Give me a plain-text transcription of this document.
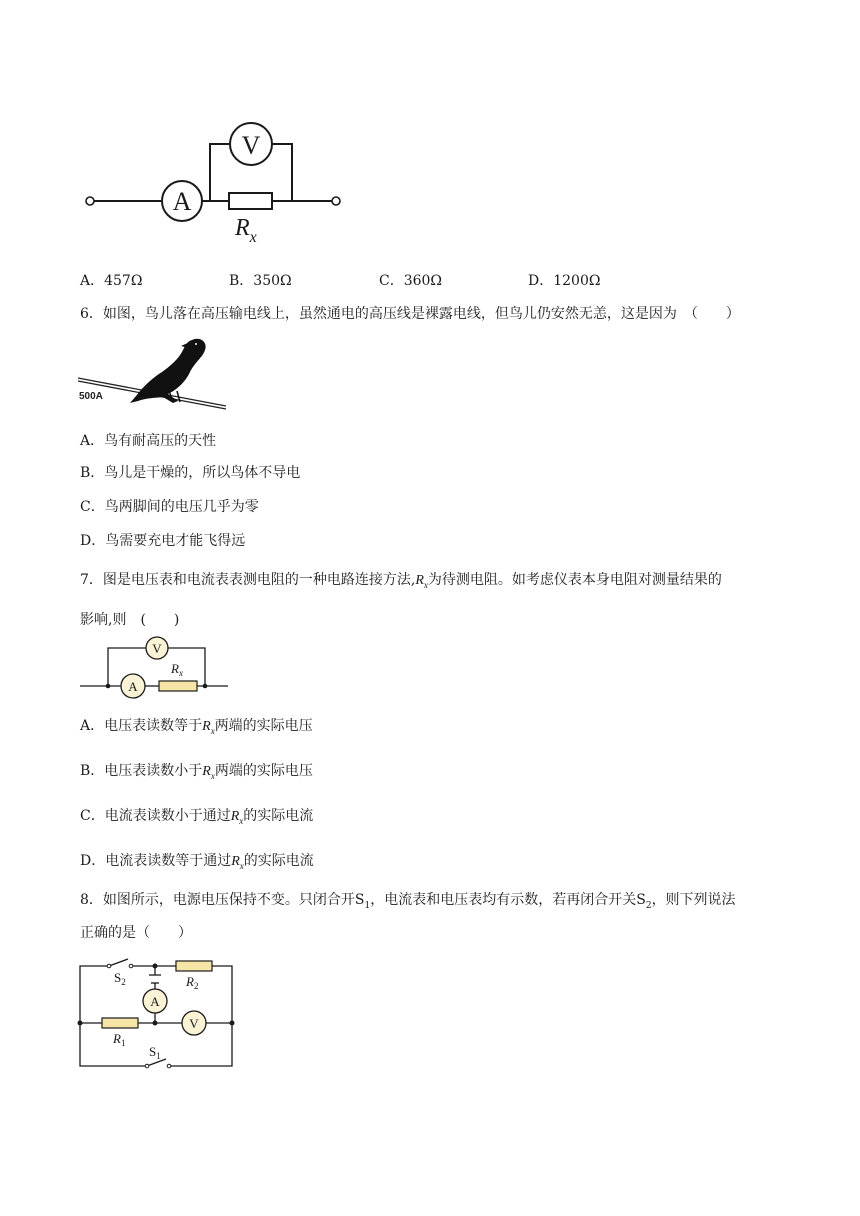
A
V
$R_x$
A．457Ω	B．350Ω	C．360Ω	D．1200Ω
6．如图，鸟儿落在高压输电线上，虽然通电的高压线是裸露电线，但鸟儿仍安然无恙，这是因为　（　　）
500A
A．鸟有耐高压的天性
B．鸟儿是干燥的，所以鸟体不导电
C．鸟两脚间的电压几乎为零
D．鸟需要充电才能飞得远
7．图是电压表和电流表表测电阻的一种电路连接方法$,R_x$为待测电阻。如考虑仪表本身电阻对测量结果的
影响,则　(　　)
V
A
$R_x$
A．电压表读数等于$R_x$两端的实际电压
B．电压表读数小于$R_x$两端的实际电压
C．电流表读数小于通过$R_x$的实际电流
D．电流表读数等于通过$R_x$的实际电流
8．如图所示，电源电压保持不变。只闭合开$S_1$，电流表和电压表均有示数，若再闭合开关$S_2$，则下列说法
正确的是（　　）
A
V
$S_2$	$R_2$
$R_1$
$S_1$
